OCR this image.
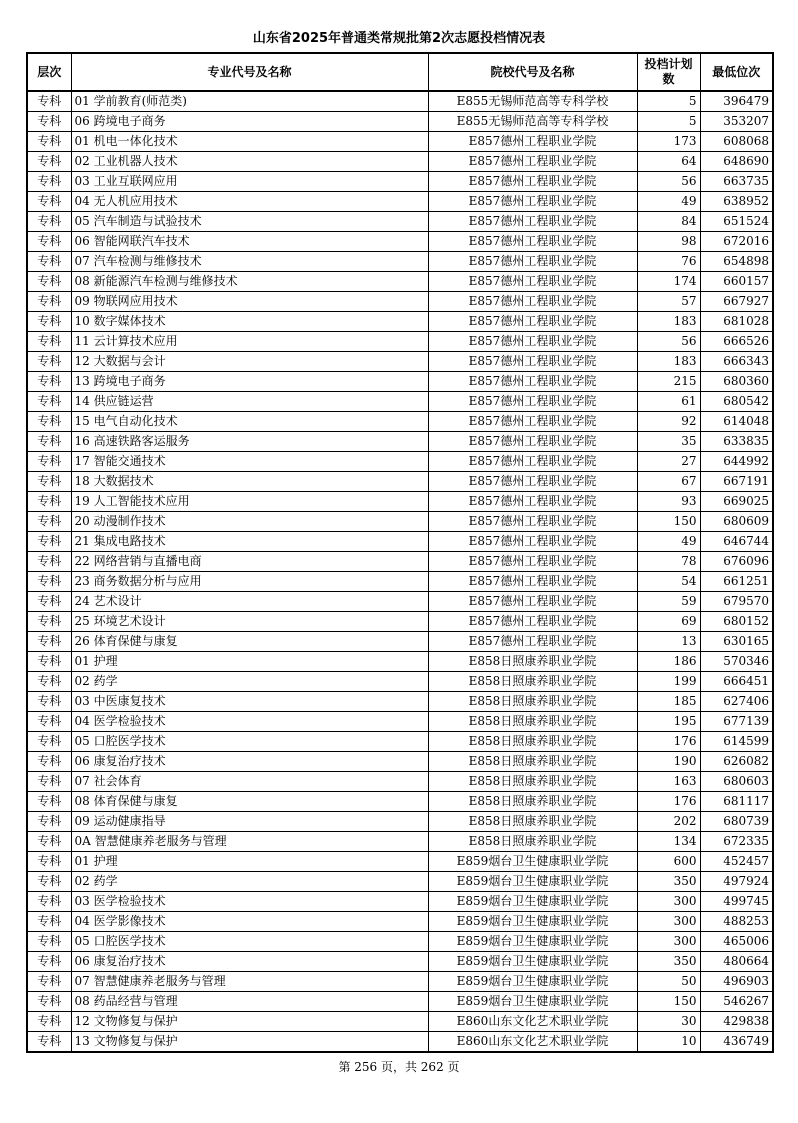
山东省2025年普通类常规批第2次志愿投档情况表
层次	专业代号及名称	院校代号及名称	投档计划数	最低位次
专科	01 学前教育(师范类)	E855无锡师范高等专科学校	5	396479
专科	06 跨境电子商务	E855无锡师范高等专科学校	5	353207
专科	01 机电一体化技术	E857德州工程职业学院	173	608068
专科	02 工业机器人技术	E857德州工程职业学院	64	648690
专科	03 工业互联网应用	E857德州工程职业学院	56	663735
专科	04 无人机应用技术	E857德州工程职业学院	49	638952
专科	05 汽车制造与试验技术	E857德州工程职业学院	84	651524
专科	06 智能网联汽车技术	E857德州工程职业学院	98	672016
专科	07 汽车检测与维修技术	E857德州工程职业学院	76	654898
专科	08 新能源汽车检测与维修技术	E857德州工程职业学院	174	660157
专科	09 物联网应用技术	E857德州工程职业学院	57	667927
专科	10 数字媒体技术	E857德州工程职业学院	183	681028
专科	11 云计算技术应用	E857德州工程职业学院	56	666526
专科	12 大数据与会计	E857德州工程职业学院	183	666343
专科	13 跨境电子商务	E857德州工程职业学院	215	680360
专科	14 供应链运营	E857德州工程职业学院	61	680542
专科	15 电气自动化技术	E857德州工程职业学院	92	614048
专科	16 高速铁路客运服务	E857德州工程职业学院	35	633835
专科	17 智能交通技术	E857德州工程职业学院	27	644992
专科	18 大数据技术	E857德州工程职业学院	67	667191
专科	19 人工智能技术应用	E857德州工程职业学院	93	669025
专科	20 动漫制作技术	E857德州工程职业学院	150	680609
专科	21 集成电路技术	E857德州工程职业学院	49	646744
专科	22 网络营销与直播电商	E857德州工程职业学院	78	676096
专科	23 商务数据分析与应用	E857德州工程职业学院	54	661251
专科	24 艺术设计	E857德州工程职业学院	59	679570
专科	25 环境艺术设计	E857德州工程职业学院	69	680152
专科	26 体育保健与康复	E857德州工程职业学院	13	630165
专科	01 护理	E858日照康养职业学院	186	570346
专科	02 药学	E858日照康养职业学院	199	666451
专科	03 中医康复技术	E858日照康养职业学院	185	627406
专科	04 医学检验技术	E858日照康养职业学院	195	677139
专科	05 口腔医学技术	E858日照康养职业学院	176	614599
专科	06 康复治疗技术	E858日照康养职业学院	190	626082
专科	07 社会体育	E858日照康养职业学院	163	680603
专科	08 体育保健与康复	E858日照康养职业学院	176	681117
专科	09 运动健康指导	E858日照康养职业学院	202	680739
专科	0A 智慧健康养老服务与管理	E858日照康养职业学院	134	672335
专科	01 护理	E859烟台卫生健康职业学院	600	452457
专科	02 药学	E859烟台卫生健康职业学院	350	497924
专科	03 医学检验技术	E859烟台卫生健康职业学院	300	499745
专科	04 医学影像技术	E859烟台卫生健康职业学院	300	488253
专科	05 口腔医学技术	E859烟台卫生健康职业学院	300	465006
专科	06 康复治疗技术	E859烟台卫生健康职业学院	350	480664
专科	07 智慧健康养老服务与管理	E859烟台卫生健康职业学院	50	496903
专科	08 药品经营与管理	E859烟台卫生健康职业学院	150	546267
专科	12 文物修复与保护	E860山东文化艺术职业学院	30	429838
专科	13 文物修复与保护	E860山东文化艺术职业学院	10	436749
第 256 页，共 262 页
